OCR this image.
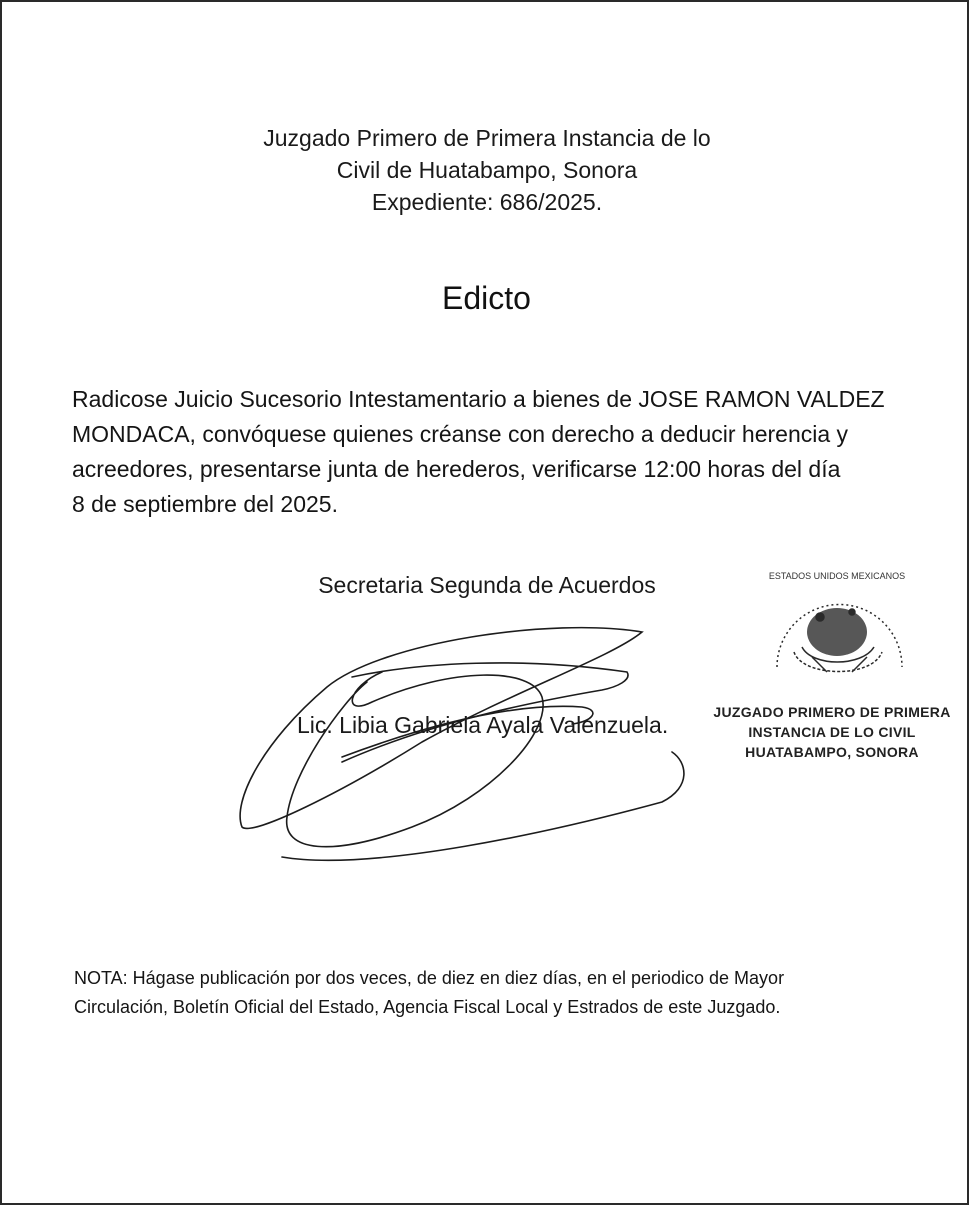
Juzgado Primero de Primera Instancia de lo
Civil de Huatabampo, Sonora
Expediente: 686/2025.
Edicto
Radicose Juicio Sucesorio Intestamentario a bienes de JOSE RAMON VALDEZ
MONDACA, convóquese quienes créanse con derecho a deducir herencia y
acreedores, presentarse junta de herederos, verificarse 12:00 horas del día
8 de septiembre del 2025.
Secretaria Segunda de Acuerdos
Lic. Libia Gabriela Ayala Valenzuela.
ESTADOS UNIDOS MEXICANOS
JUZGADO PRIMERO DE PRIMERA
INSTANCIA DE LO CIVIL
HUATABAMPO, SONORA
NOTA: Hágase publicación por dos veces, de diez en diez días, en el periodico de Mayor
Circulación, Boletín Oficial del Estado, Agencia Fiscal Local y Estrados de este Juzgado.
